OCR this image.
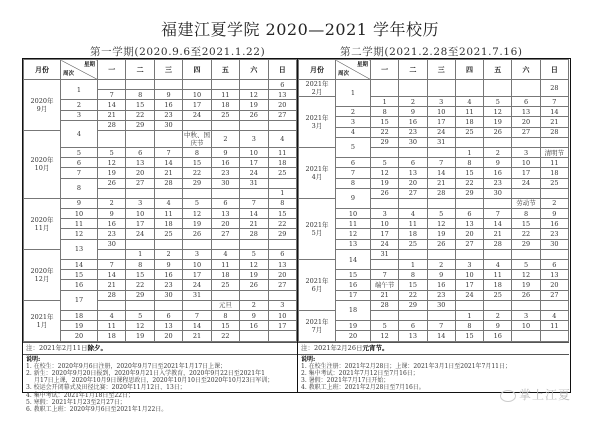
福建江夏学院 2020—2021 学年校历
第一学期(2020.9.6至2021.1.22)	第二学期(2021.2.28至2021.7.16)
月份	星期
周次	一	二	三	四	五	六	日
2020年
9月	1							6
		7	8	9	10	11	12	13
	2	14	15	16	17	18	19	20
	3	21	22	23	24	25	26	27
	4	28	29	30				
2020年
10月					中秋、国庆节	2	3	4
	5	5	6	7	8	9	10	11
	6	12	13	14	15	16	17	18
	7	19	20	21	22	23	24	25
	8	26	27	28	29	30	31	
								1
2020年
11月	9	2	3	4	5	6	7	8
	10	9	10	11	12	13	14	15
	11	16	17	18	19	20	21	22
	12	23	24	25	26	27	28	29
	13	30						
2020年
12月			1	2	3	4	5	6
	14	7	8	9	10	11	12	13
	15	14	15	16	17	18	19	20
	16	21	22	23	24	25	26	27
	17	28	29	30	31			
2021年
1月						元旦	2	3
	18	4	5	6	7	8	9	10
	19	11	12	13	14	15	16	17
	20	18	19	20	21	22		
注：2021年2月11日除夕。
说明:
1. 在校生：2020年9月6日注册，2020年9月7日至2021年1月17日上课；
2. 新生：2020年9月20日报到，2020年9月21日入学教育，2020年9月22日至2021年1
月17日上课，2020年10月9日课程思政日，2020年10月10日至2020年10月23日军训；
3. 校运会开闭幕式及田径比赛：2020年11月12日、13日；
4. 集中考试：2021年1月18日至22日；
5. 寒假：2021年1月23至2月27日；
6. 教职工上班：2020年9月6日至2021年1月22日。
月份	星期
周次	一	二	三	四	五	六	日
2021年
2月	1							28
2021年
3月		1	2	3	4	5	6	7
	2	8	9	10	11	12	13	14
	3	15	16	17	18	19	20	21
	4	22	23	24	25	26	27	28
	5	29	30	31				

2021年
4月					1	2	3	清明节
	6	5	6	7	8	9	10	11
	7	12	13	14	15	16	17	18
	8	19	20	21	22	23	24	25
	9	26	27	28	29	30		
2021年
5月							劳动节	2
	10	3	4	5	6	7	8	9
	11	10	11	12	13	14	15	16
	12	17	18	19	20	21	22	23
	13	24	25	26	27	28	29	30
	14	31						
2021年
6月			1	2	3	4	5	6
	15	7	8	9	10	11	12	13
	16	端午节	15	16	17	18	19	20
	17	21	22	23	24	25	26	27
	18	28	29	30				
2021年
7月					1	2	3	4
	19	5	6	7	8	9	10	11
	20	12	13	14	15	16		
注：2021年2月26日元宵节。
说明:
1. 在校生注册：2021年2月28日；上课：2021年3月1日至2021年7月11日；
2. 集中考试：2021年7月12日至7月16日；
3. 暑假：2021年7月17日开始；
4. 教职工上班：2021年2月28日至7月16日。
掌上江夏
